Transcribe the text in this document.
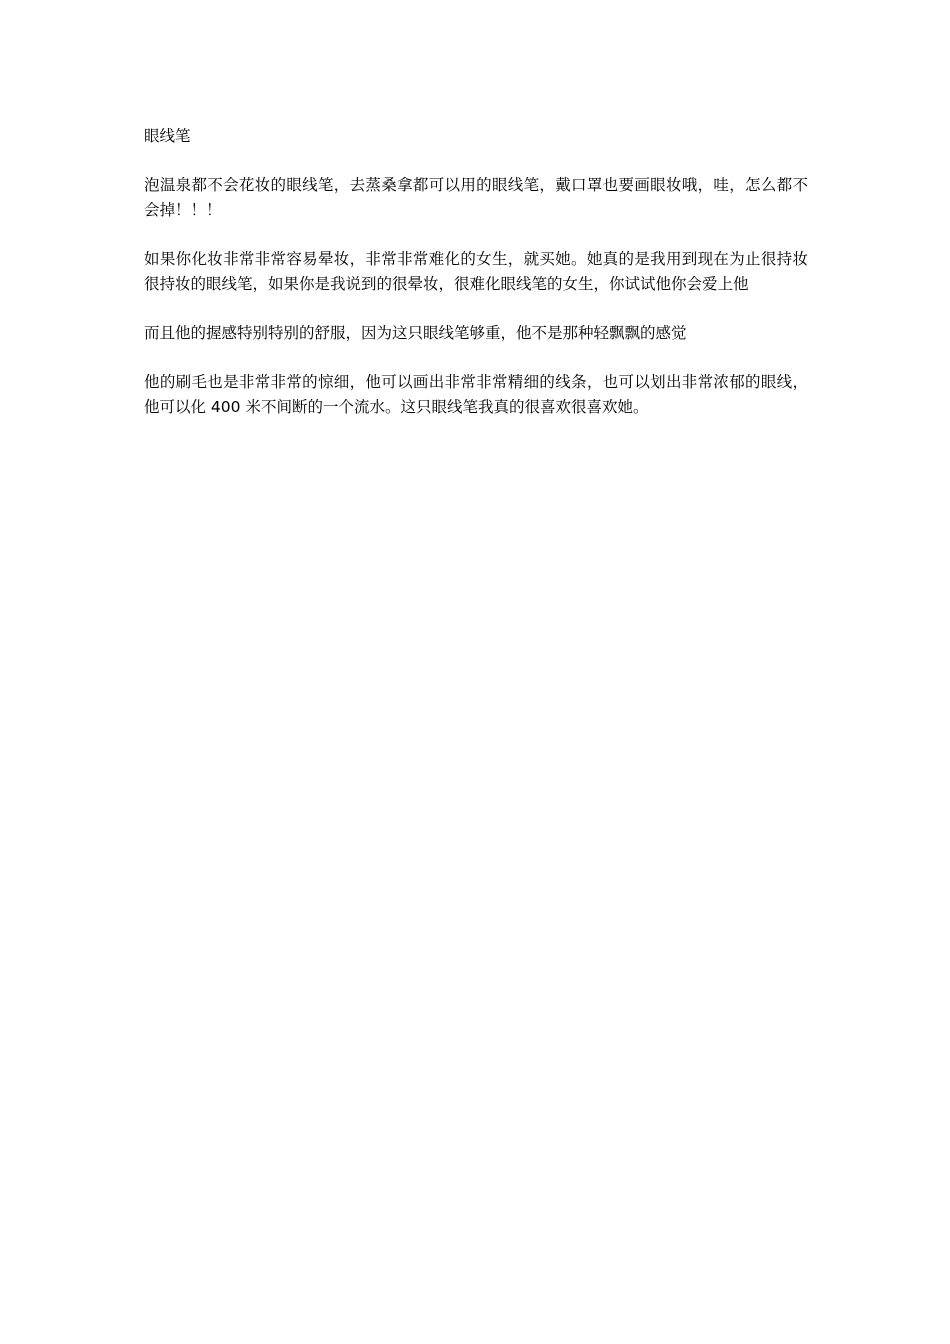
眼线笔

泡温泉都不会花妆的眼线笔，去蒸桑拿都可以用的眼线笔，戴口罩也要画眼妆哦，哇，怎么都不会掉！！！

如果你化妆非常非常容易晕妆，非常非常难化的女生，就买她。她真的是我用到现在为止很持妆很持妆的眼线笔，如果你是我说到的很晕妆，很难化眼线笔的女生，你试试他你会爱上他

而且他的握感特别特别的舒服，因为这只眼线笔够重，他不是那种轻飘飘的感觉

他的刷毛也是非常非常的惊细，他可以画出非常非常精细的线条，也可以划出非常浓郁的眼线，他可以化 400 米不间断的一个流水。这只眼线笔我真的很喜欢很喜欢她。
